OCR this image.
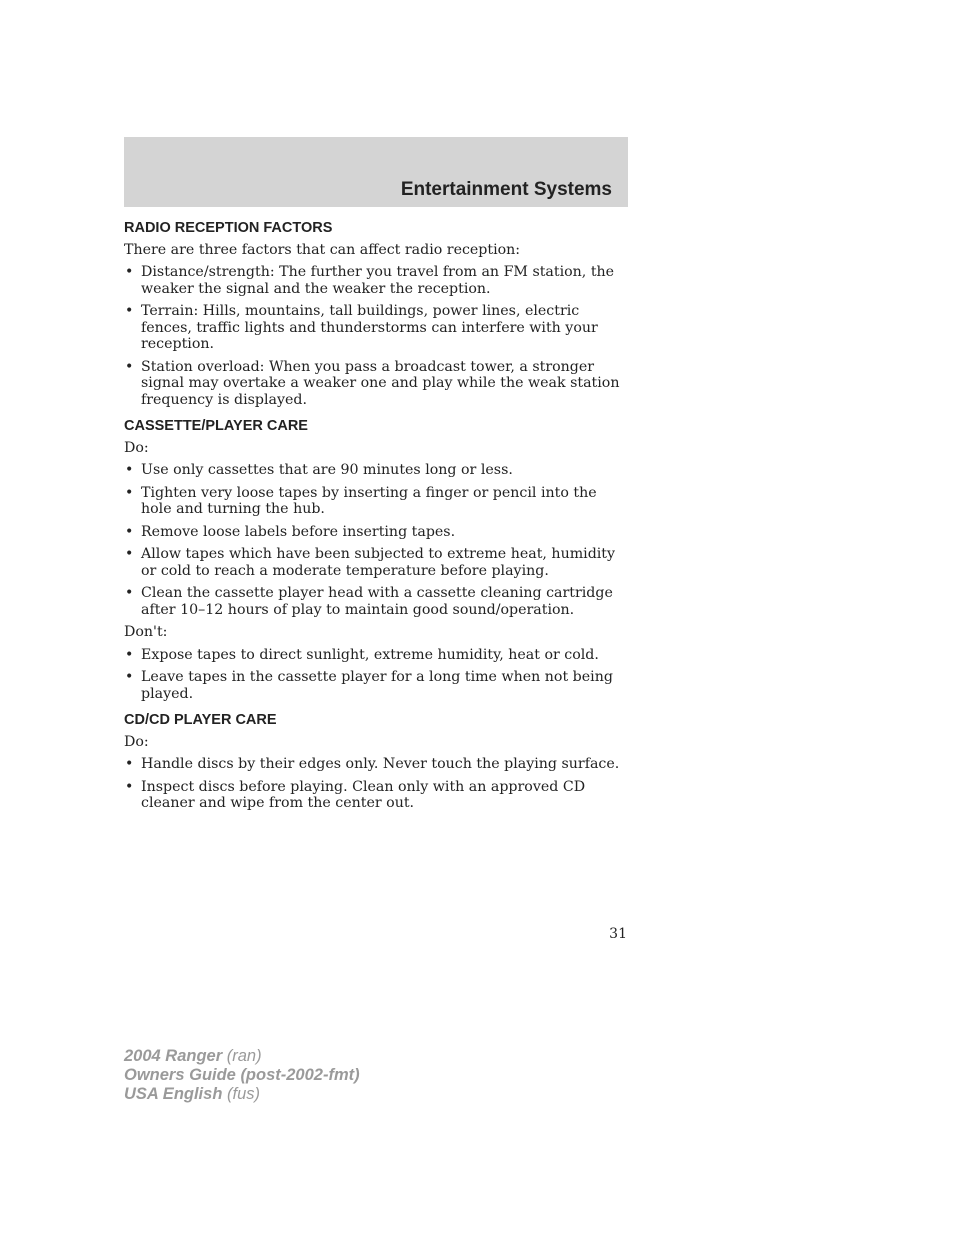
Entertainment Systems
RADIO RECEPTION FACTORS

There are three factors that can affect radio reception:

• Distance/strength: The further you travel from an FM station, the weaker the signal and the weaker the reception.
• Terrain: Hills, mountains, tall buildings, power lines, electric fences, traffic lights and thunderstorms can interfere with your reception.
• Station overload: When you pass a broadcast tower, a stronger signal may overtake a weaker one and play while the weak station frequency is displayed.
CASSETTE/PLAYER CARE

Do:

• Use only cassettes that are 90 minutes long or less.
• Tighten very loose tapes by inserting a finger or pencil into the hole and turning the hub.
• Remove loose labels before inserting tapes.
• Allow tapes which have been subjected to extreme heat, humidity or cold to reach a moderate temperature before playing.
• Clean the cassette player head with a cassette cleaning cartridge after 10–12 hours of play to maintain good sound/operation.

Don't:

• Expose tapes to direct sunlight, extreme humidity, heat or cold.
• Leave tapes in the cassette player for a long time when not being played.
CD/CD PLAYER CARE

Do:

• Handle discs by their edges only. Never touch the playing surface.
• Inspect discs before playing. Clean only with an approved CD cleaner and wipe from the center out.
31
2004 Ranger (ran)
Owners Guide (post-2002-fmt)
USA English (fus)
